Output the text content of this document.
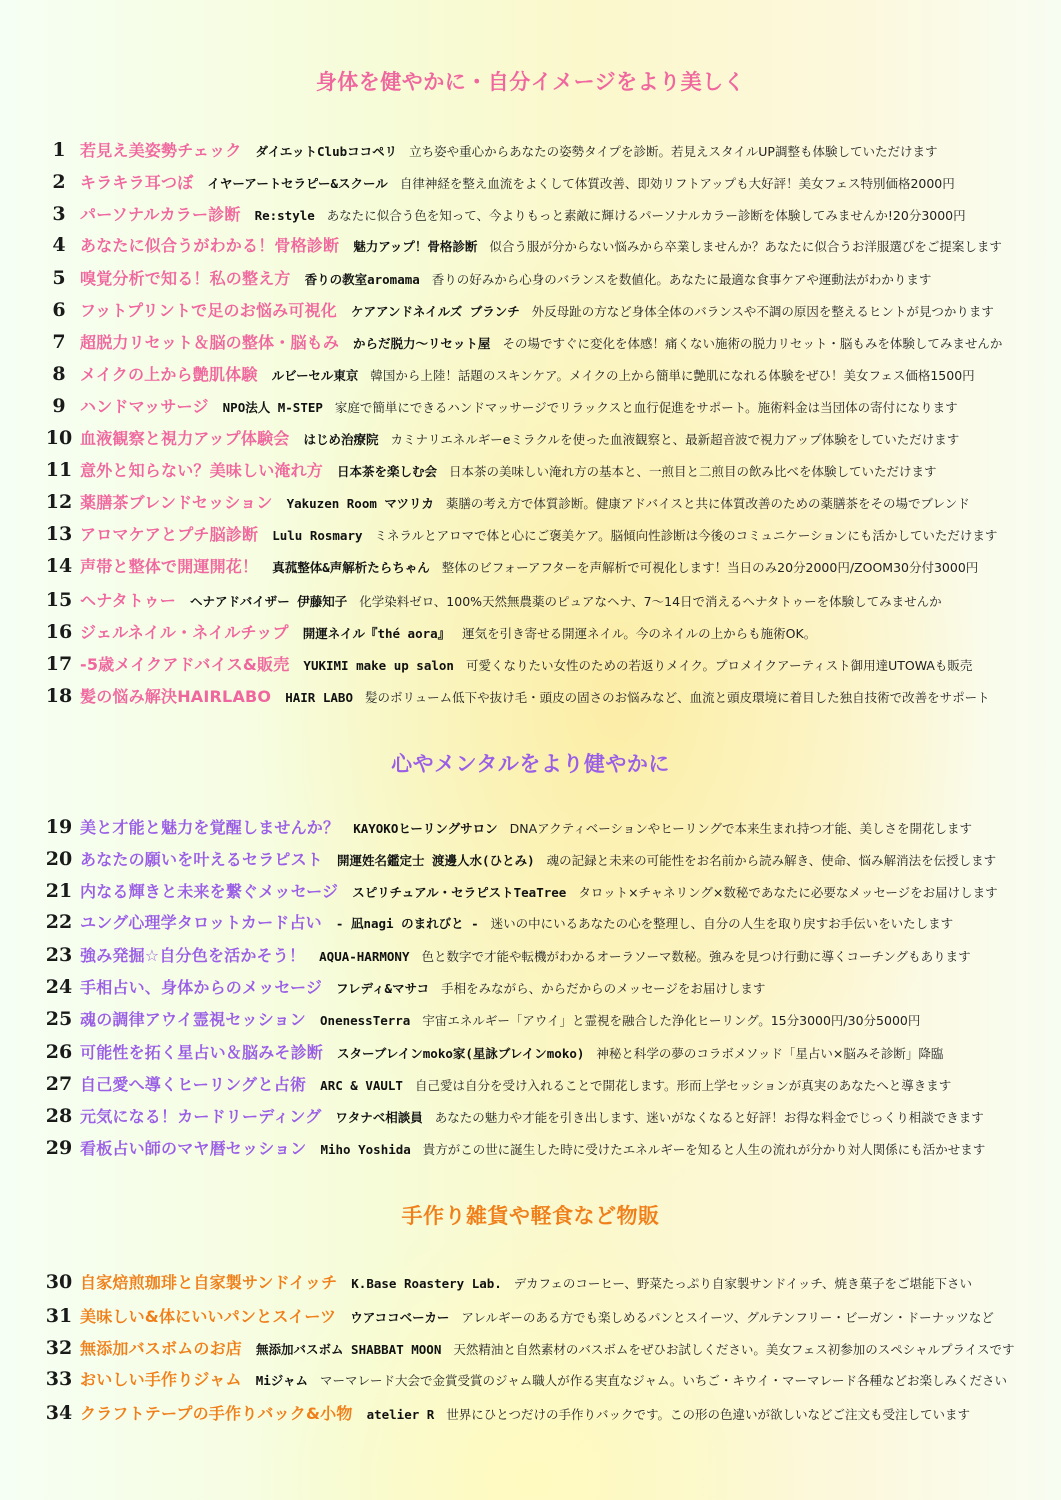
身体を健やかに・自分イメージをより美しく
1 若見え美姿勢チェック ダイエットClubココペリ 立ち姿や重心からあなたの姿勢タイプを診断。若見えスタイルUP調整も体験していただけます
2 キラキラ耳つぼ イヤーアートセラピー&スクール 自律神経を整え血流をよくして体質改善、即効リフトアップも大好評！美女フェス特別価格2000円
3 パーソナルカラー診断 Re:style あなたに似合う色を知って、今よりもっと素敵に輝けるパーソナルカラー診断を体験してみませんか!20分3000円
4 あなたに似合うがわかる！骨格診断 魅力アップ！骨格診断 似合う服が分からない悩みから卒業しませんか？あなたに似合うお洋服選びをご提案します
5 嗅覚分析で知る！私の整え方 香りの教室aromama 香りの好みから心身のバランスを数値化。あなたに最適な食事ケアや運動法がわかります
6 フットプリントで足のお悩み可視化 ケアアンドネイルズ ブランチ 外反母趾の方など身体全体のバランスや不調の原因を整えるヒントが見つかります
7 超脱力リセット＆脳の整体・脳もみ からだ脱力〜リセット屋 その場ですぐに変化を体感！痛くない施術の脱力リセット・脳もみを体験してみませんか
8 メイクの上から艶肌体験 ルビーセル東京 韓国から上陸！話題のスキンケア。メイクの上から簡単に艶肌になれる体験をぜひ！美女フェス価格1500円
9 ハンドマッサージ NPO法人 M-STEP 家庭で簡単にできるハンドマッサージでリラックスと血行促進をサポート。施術料金は当団体の寄付になります
10 血液観察と視力アップ体験会 はじめ治療院 カミナリエネルギーeミラクルを使った血液観察と、最新超音波で視力アップ体験をしていただけます
11 意外と知らない？美味しい淹れ方 日本茶を楽しむ会 日本茶の美味しい淹れ方の基本と、一煎目と二煎目の飲み比べを体験していただけます
12 薬膳茶ブレンドセッション Yakuzen Room マツリカ 薬膳の考え方で体質診断。健康アドバイスと共に体質改善のための薬膳茶をその場でブレンド
13 アロマケアとプチ脳診断 Lulu Rosmary ミネラルとアロマで体と心にご褒美ケア。脳傾向性診断は今後のコミュニケーションにも活かしていただけます
14 声帯と整体で開運開花！ 真菰整体&声解析たらちゃん 整体のビフォーアフターを声解析で可視化します！当日のみ20分2000円/ZOOM30分付3000円
15 ヘナタトゥー ヘナアドバイザー 伊藤知子 化学染料ゼロ、100%天然無農薬のピュアなヘナ、7〜14日で消えるヘナタトゥーを体験してみませんか
16 ジェルネイル・ネイルチップ 開運ネイル『thé aora』 運気を引き寄せる開運ネイル。今のネイルの上からも施術OK。
17 -5歳メイクアドバイス&販売 YUKIMI make up salon 可愛くなりたい女性のための若返りメイク。プロメイクアーティスト御用達UTOWAも販売
18 髪の悩み解決HAIRLABO HAIR LABO 髪のボリューム低下や抜け毛・頭皮の固さのお悩みなど、血流と頭皮環境に着目した独自技術で改善をサポート
心やメンタルをより健やかに
19 美と才能と魅力を覚醒しませんか？ KAYOKOヒーリングサロン DNAアクティベーションやヒーリングで本来生まれ持つ才能、美しさを開花します
20 あなたの願いを叶えるセラピスト 開運姓名鑑定士 渡邊人水(ひとみ) 魂の記録と未来の可能性をお名前から読み解き、使命、悩み解消法を伝授します
21 内なる輝きと未来を繋ぐメッセージ スピリチュアル・セラピストTeaTree タロット×チャネリング×数秘であなたに必要なメッセージをお届けします
22 ユング心理学タロットカード占い - 凪nagi のまれびと - 迷いの中にいるあなたの心を整理し、自分の人生を取り戻すお手伝いをいたします
23 強み発掘☆自分色を活かそう！ AQUA-HARMONY 色と数字で才能や転機がわかるオーラソーマ数秘。強みを見つけ行動に導くコーチングもあります
24 手相占い、身体からのメッセージ フレディ&マサコ 手相をみながら、からだからのメッセージをお届けします
25 魂の調律アウイ霊視セッション OnenessTerra 宇宙エネルギー「アウイ」と霊視を融合した浄化ヒーリング。15分3000円/30分5000円
26 可能性を拓く星占い＆脳みそ診断 スターブレインmoko家(星詠ブレインmoko) 神秘と科学の夢のコラボメソッド「星占い×脳みそ診断」降臨
27 自己愛へ導くヒーリングと占術 ARC & VAULT 自己愛は自分を受け入れることで開花します。形而上学セッションが真実のあなたへと導きます
28 元気になる！カードリーディング ワタナベ相談員 あなたの魅力や才能を引き出します、迷いがなくなると好評！お得な料金でじっくり相談できます
29 看板占い師のマヤ暦セッション Miho Yoshida 貴方がこの世に誕生した時に受けたエネルギーを知ると人生の流れが分かり対人関係にも活かせます
手作り雑貨や軽食など物販
30 自家焙煎珈琲と自家製サンドイッチ K.Base Roastery Lab. デカフェのコーヒー、野菜たっぷり自家製サンドイッチ、焼き菓子をご堪能下さい
31 美味しい&体にいいパンとスイーツ ウアココベーカー アレルギーのある方でも楽しめるパンとスイーツ、グルテンフリー・ビーガン・ドーナッツなど
32 無添加バスボムのお店 無添加バスボム SHABBAT MOON 天然精油と自然素材のバスボムをぜひお試しください。美女フェス初参加のスペシャルプライスです
33 おいしい手作りジャム Miジャム マーマレード大会で金賞受賞のジャム職人が作る実直なジャム。いちご・キウイ・マーマレード各種などお楽しみください
34 クラフトテープの手作りバック&小物 atelier R 世界にひとつだけの手作りバックです。この形の色違いが欲しいなどご注文も受注しています
